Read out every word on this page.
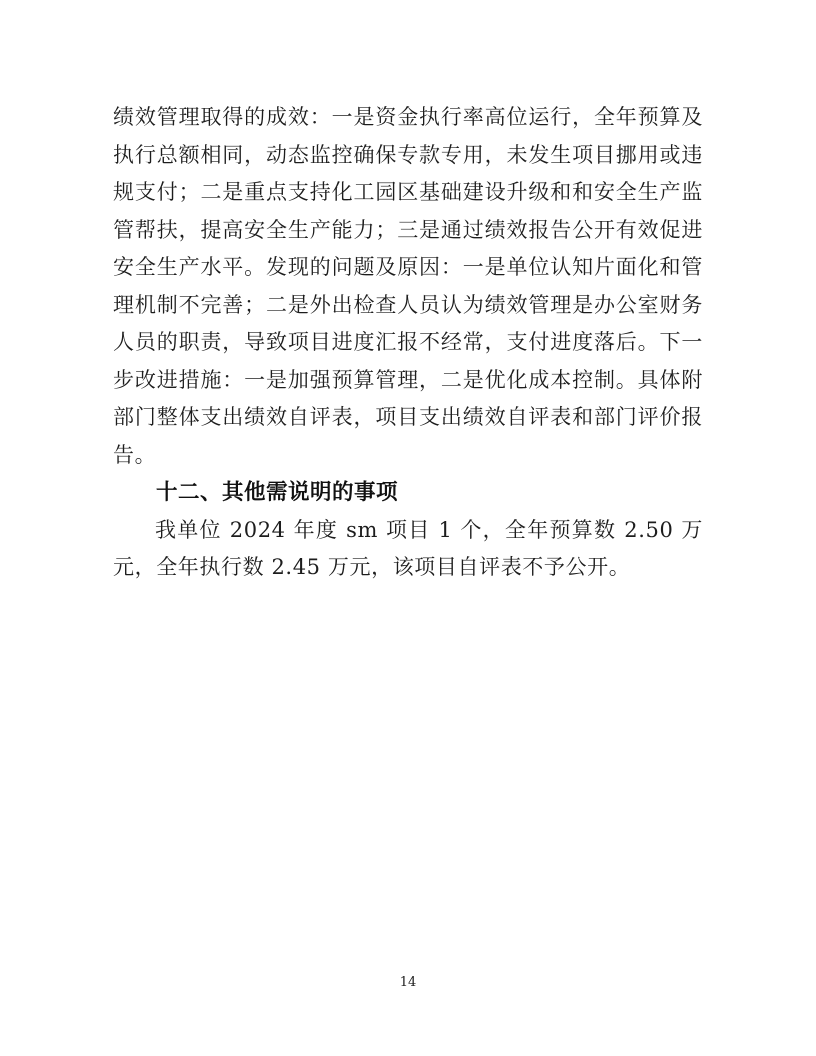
绩效管理取得的成效：一是资金执行率高位运行，全年预算及执行总额相同，动态监控确保专款专用，未发生项目挪用或违规支付；二是重点支持化工园区基础建设升级和和安全生产监管帮扶，提高安全生产能力；三是通过绩效报告公开有效促进安全生产水平。发现的问题及原因：一是单位认知片面化和管理机制不完善；二是外出检查人员认为绩效管理是办公室财务人员的职责，导致项目进度汇报不经常，支付进度落后。下一步改进措施：一是加强预算管理，二是优化成本控制。具体附部门整体支出绩效自评表，项目支出绩效自评表和部门评价报告。

十二、其他需说明的事项

我单位 2024 年度 sm 项目 1 个，全年预算数 2.50 万元，全年执行数 2.45 万元，该项目自评表不予公开。

14
